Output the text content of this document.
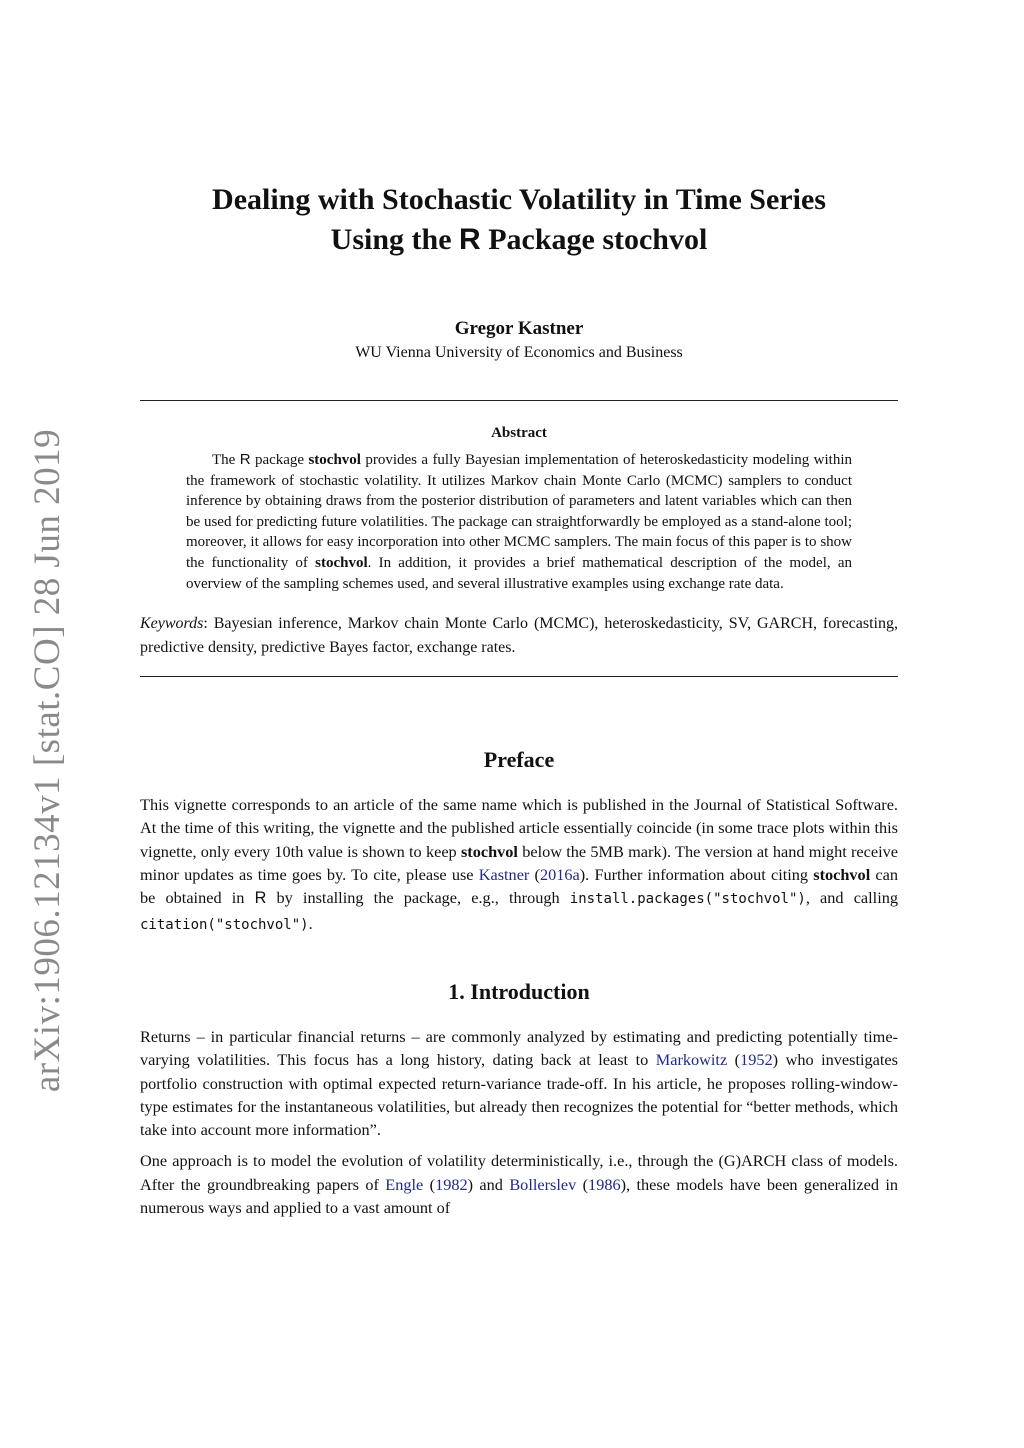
arXiv:1906.12134v1 [stat.CO] 28 Jun 2019
Dealing with Stochastic Volatility in Time Series
Using the R Package stochvol
Gregor Kastner
WU Vienna University of Economics and Business
Abstract

The R package stochvol provides a fully Bayesian implementation of heteroskedasticity modeling within the framework of stochastic volatility. It utilizes Markov chain Monte Carlo (MCMC) samplers to conduct inference by obtaining draws from the posterior distribution of parameters and latent variables which can then be used for predicting future volatilities. The package can straightforwardly be employed as a stand-alone tool; moreover, it allows for easy incorporation into other MCMC samplers. The main focus of this paper is to show the functionality of stochvol. In addition, it provides a brief mathematical description of the model, an overview of the sampling schemes used, and several illustrative examples using exchange rate data.

Keywords: Bayesian inference, Markov chain Monte Carlo (MCMC), heteroskedasticity, SV, GARCH, forecasting, predictive density, predictive Bayes factor, exchange rates.

Preface

This vignette corresponds to an article of the same name which is published in the Journal of Statistical Software. At the time of this writing, the vignette and the published article essentially coincide (in some trace plots within this vignette, only every 10th value is shown to keep stochvol below the 5MB mark). The version at hand might receive minor updates as time goes by. To cite, please use Kastner (2016a). Further information about citing stochvol can be obtained in R by installing the package, e.g., through install.packages("stochvol"), and calling citation("stochvol").

1. Introduction

Returns – in particular financial returns – are commonly analyzed by estimating and predicting potentially time-varying volatilities. This focus has a long history, dating back at least to Markowitz (1952) who investigates portfolio construction with optimal expected return-variance trade-off. In his article, he proposes rolling-window-type estimates for the instantaneous volatilities, but already then recognizes the potential for “better methods, which take into account more information”.

One approach is to model the evolution of volatility deterministically, i.e., through the (G)ARCH class of models. After the groundbreaking papers of Engle (1982) and Bollerslev (1986), these models have been generalized in numerous ways and applied to a vast amount of
